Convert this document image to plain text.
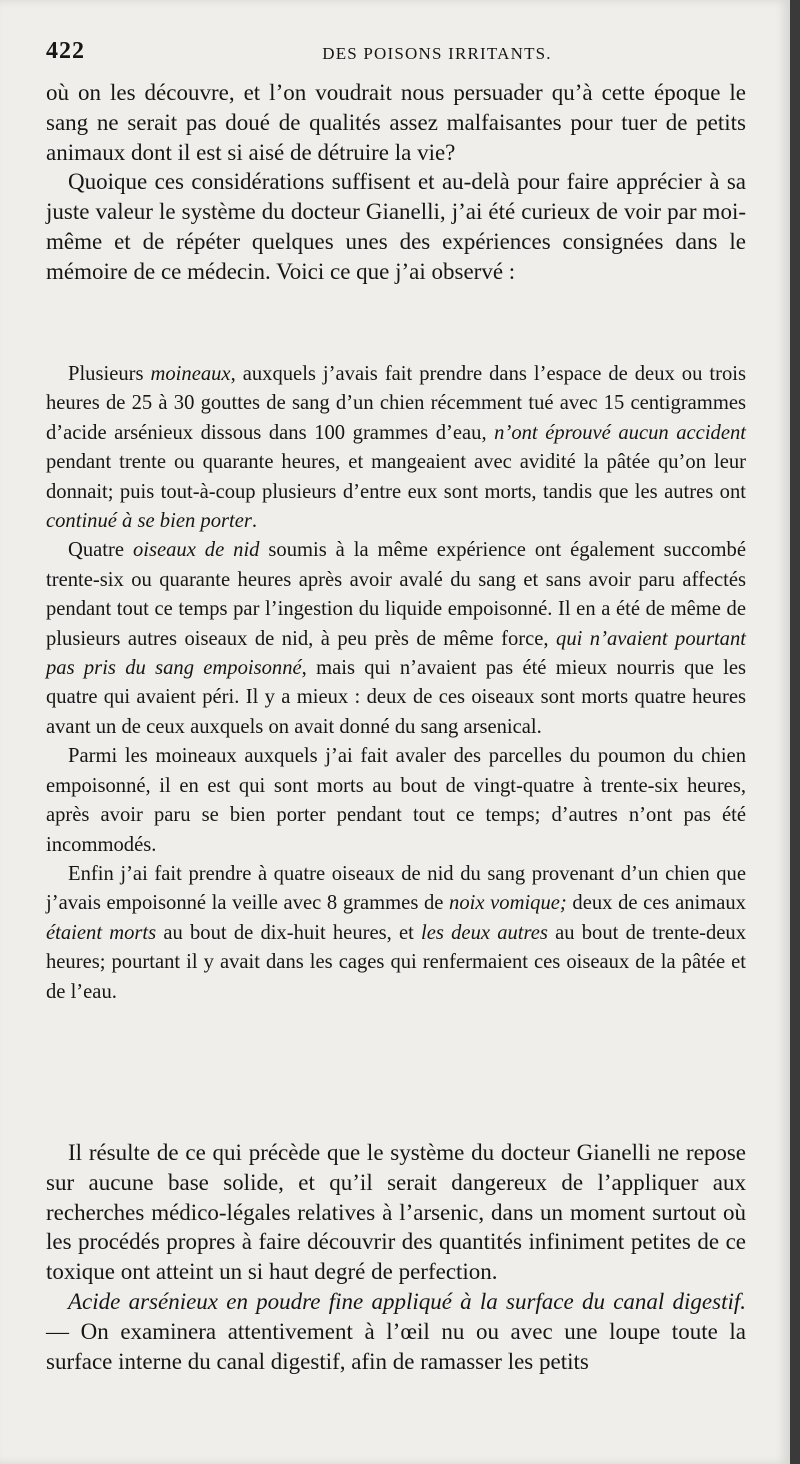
422	DES POISONS IRRITANTS.

où on les découvre, et l’on voudrait nous persuader qu’à cette époque le sang ne serait pas doué de qualités assez malfaisantes pour tuer de petits animaux dont il est si aisé de détruire la vie?

Quoique ces considérations suffisent et au-delà pour faire apprécier à sa juste valeur le système du docteur Gianelli, j’ai été curieux de voir par moi-même et de répéter quelques unes des expériences consignées dans le mémoire de ce médecin. Voici ce que j’ai observé :

Plusieurs moineaux, auxquels j’avais fait prendre dans l’espace de deux ou trois heures de 25 à 30 gouttes de sang d’un chien récemment tué avec 15 centigrammes d’acide arsénieux dissous dans 100 grammes d’eau, n’ont éprouvé aucun accident pendant trente ou quarante heures, et mangeaient avec avidité la pâtée qu’on leur donnait; puis tout-à-coup plusieurs d’entre eux sont morts, tandis que les autres ont continué à se bien porter.

Quatre oiseaux de nid soumis à la même expérience ont également succombé trente-six ou quarante heures après avoir avalé du sang et sans avoir paru affectés pendant tout ce temps par l’ingestion du liquide empoisonné. Il en a été de même de plusieurs autres oiseaux de nid, à peu près de même force, qui n’avaient pourtant pas pris du sang empoisonné, mais qui n’avaient pas été mieux nourris que les quatre qui avaient péri. Il y a mieux : deux de ces oiseaux sont morts quatre heures avant un de ceux auxquels on avait donné du sang arsenical.

Parmi les moineaux auxquels j’ai fait avaler des parcelles du poumon du chien empoisonné, il en est qui sont morts au bout de vingt-quatre à trente-six heures, après avoir paru se bien porter pendant tout ce temps; d’autres n’ont pas été incommodés.

Enfin j’ai fait prendre à quatre oiseaux de nid du sang provenant d’un chien que j’avais empoisonné la veille avec 8 grammes de noix vomique; deux de ces animaux étaient morts au bout de dix-huit heures, et les deux autres au bout de trente-deux heures; pourtant il y avait dans les cages qui renfermaient ces oiseaux de la pâtée et de l’eau.

Il résulte de ce qui précède que le système du docteur Gianelli ne repose sur aucune base solide, et qu’il serait dangereux de l’appliquer aux recherches médico-légales relatives à l’arsenic, dans un moment surtout où les procédés propres à faire découvrir des quantités infiniment petites de ce toxique ont atteint un si haut degré de perfection.

Acide arsénieux en poudre fine appliqué à la surface du canal digestif. — On examinera attentivement à l’œil nu ou avec une loupe toute la surface interne du canal digestif, afin de ramasser les petits
